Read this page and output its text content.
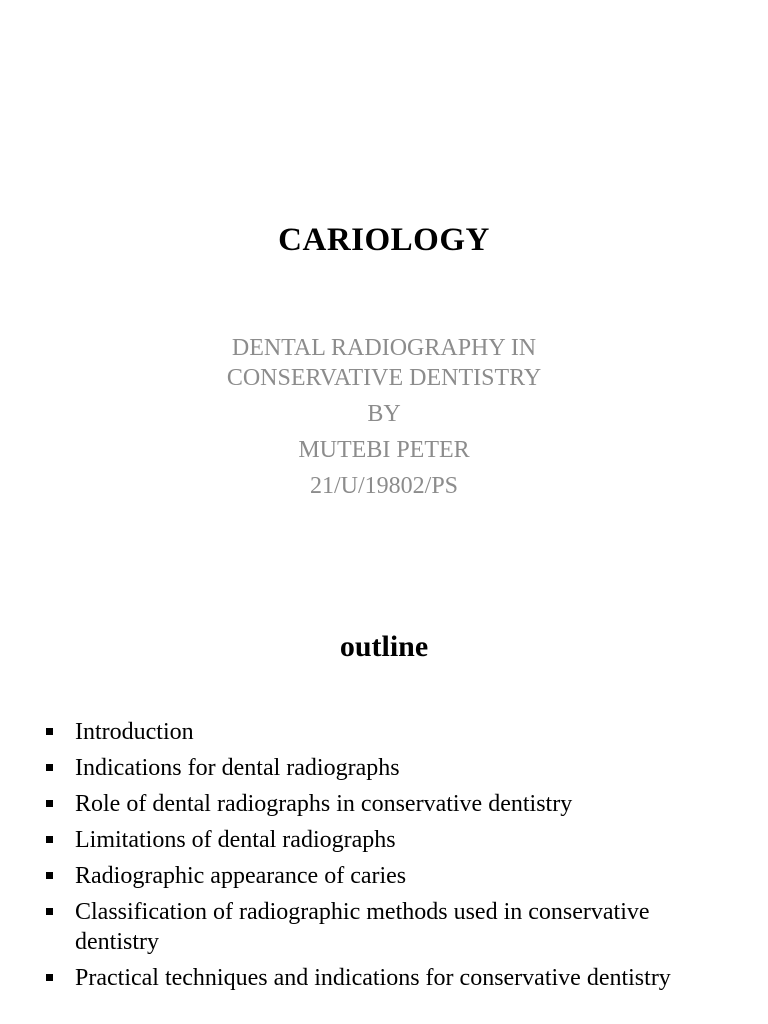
CARIOLOGY
DENTAL RADIOGRAPHY IN
CONSERVATIVE DENTISTRY
BY
MUTEBI PETER
21/U/19802/PS
outline
Introduction
Indications for dental radiographs
Role of dental radiographs in conservative dentistry
Limitations of dental radiographs
Radiographic appearance of caries
Classification of radiographic methods used in conservative dentistry
Practical techniques and indications for conservative dentistry
